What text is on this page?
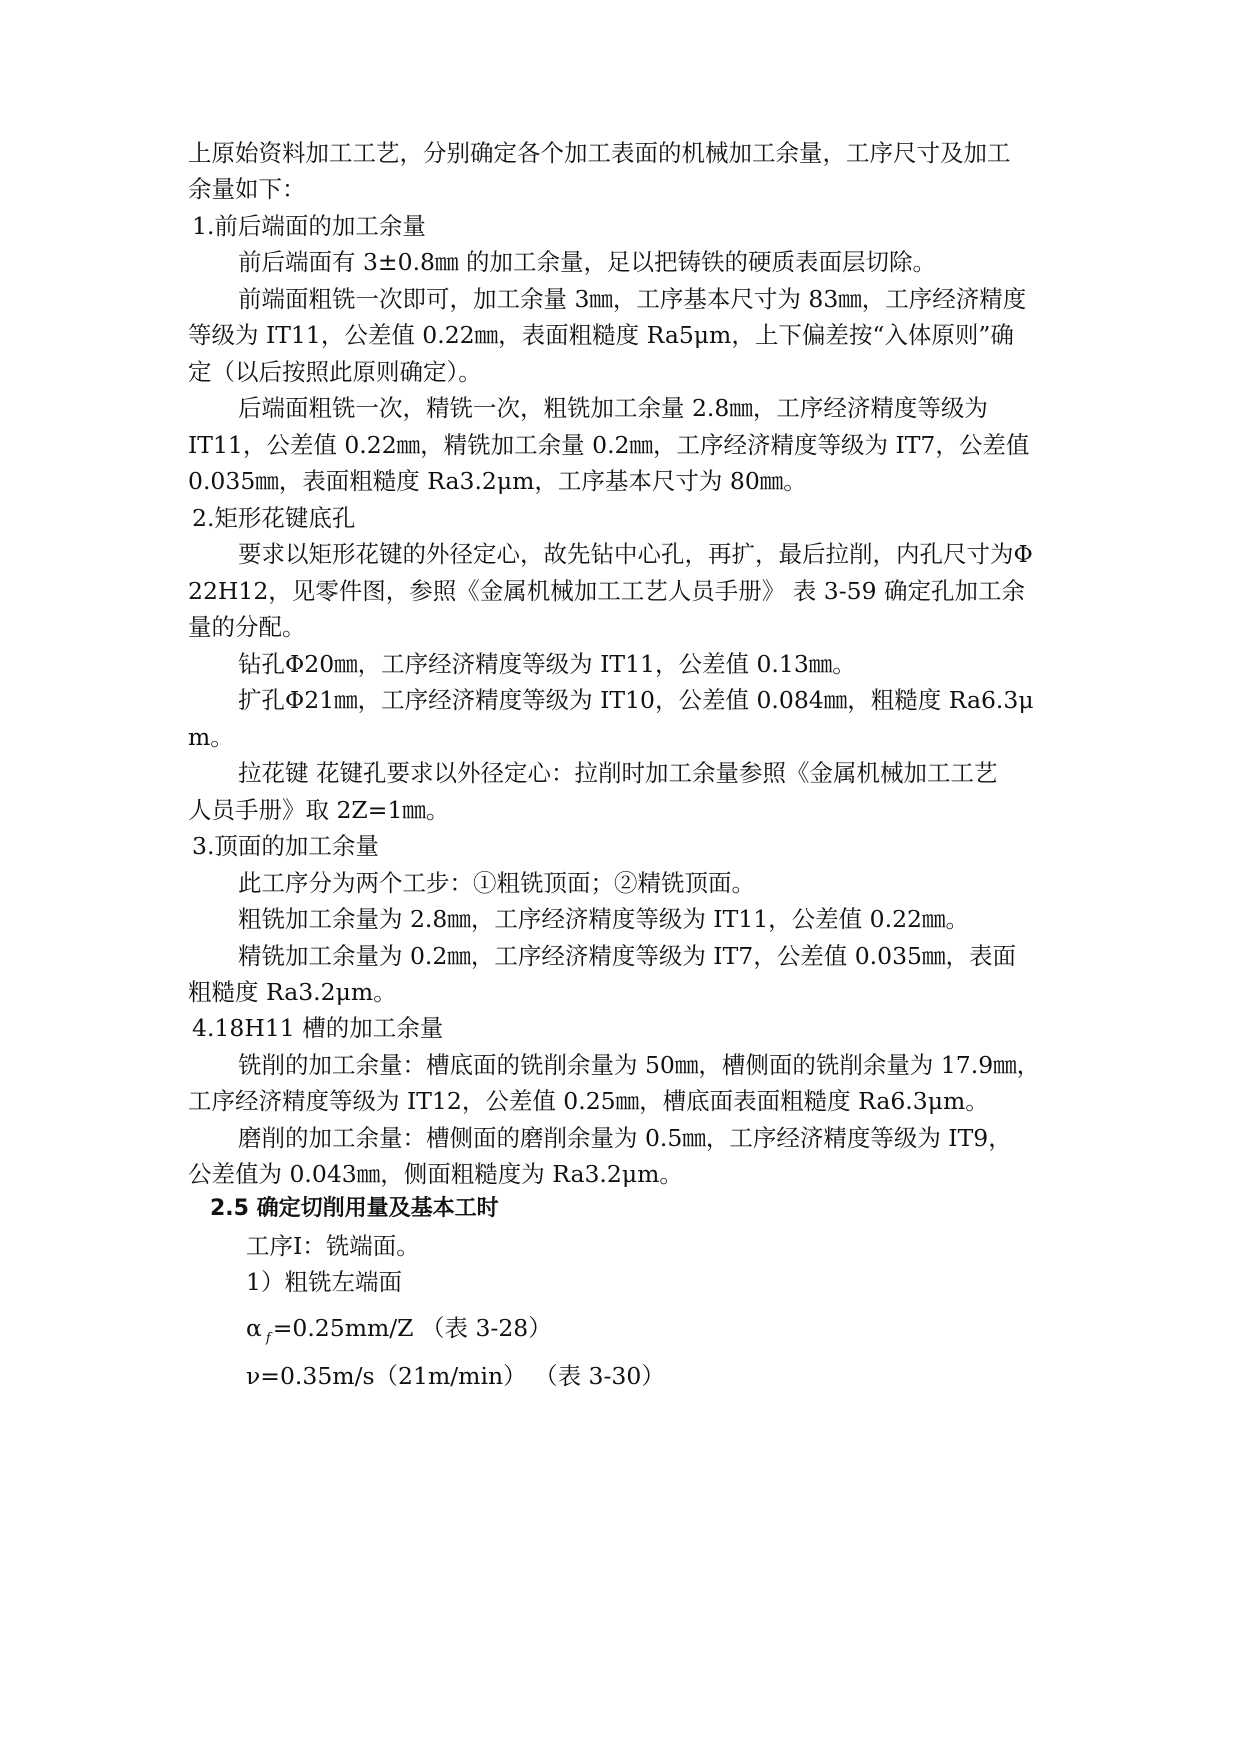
上原始资料加工工艺，分别确定各个加工表面的机械加工余量，工序尺寸及加工
余量如下：
1.前后端面的加工余量
前后端面有 3±0.8㎜ 的加工余量，足以把铸铁的硬质表面层切除。
前端面粗铣一次即可，加工余量 3㎜，工序基本尺寸为 83㎜，工序经济精度
等级为 IT11，公差值 0.22㎜，表面粗糙度 Ra5μm，上下偏差按“入体原则”确
定（以后按照此原则确定）。
后端面粗铣一次，精铣一次，粗铣加工余量 2.8㎜，工序经济精度等级为
IT11，公差值 0.22㎜，精铣加工余量 0.2㎜，工序经济精度等级为 IT7，公差值
0.035㎜，表面粗糙度 Ra3.2μm，工序基本尺寸为 80㎜。
2.矩形花键底孔
要求以矩形花键的外径定心，故先钻中心孔，再扩，最后拉削，内孔尺寸为Φ
22H12，见零件图，参照《金属机械加工工艺人员手册》 表 3-59 确定孔加工余
量的分配。
钻孔Φ20㎜，工序经济精度等级为 IT11，公差值 0.13㎜。
扩孔Φ21㎜，工序经济精度等级为 IT10，公差值 0.084㎜，粗糙度 Ra6.3μ
m。
拉花键 花键孔要求以外径定心：拉削时加工余量参照《金属机械加工工艺
人员手册》取 2Z=1㎜。
3.顶面的加工余量
此工序分为两个工步：①粗铣顶面；②精铣顶面。
粗铣加工余量为 2.8㎜，工序经济精度等级为 IT11，公差值 0.22㎜。
精铣加工余量为 0.2㎜，工序经济精度等级为 IT7，公差值 0.035㎜，表面
粗糙度 Ra3.2μm。
4.18H11 槽的加工余量
铣削的加工余量：槽底面的铣削余量为 50㎜，槽侧面的铣削余量为 17.9㎜，
工序经济精度等级为 IT12，公差值 0.25㎜，槽底面表面粗糙度 Ra6.3μm。
磨削的加工余量：槽侧面的磨削余量为 0.5㎜，工序经济精度等级为 IT9，
公差值为 0.043㎜，侧面粗糙度为 Ra3.2μm。
2.5 确定切削用量及基本工时
工序Ⅰ：铣端面。
1）粗铣左端面
α $_f$=0.25mm/Z （表 3-28）
ν=0.35m/s（21m/min） （表 3-30）
